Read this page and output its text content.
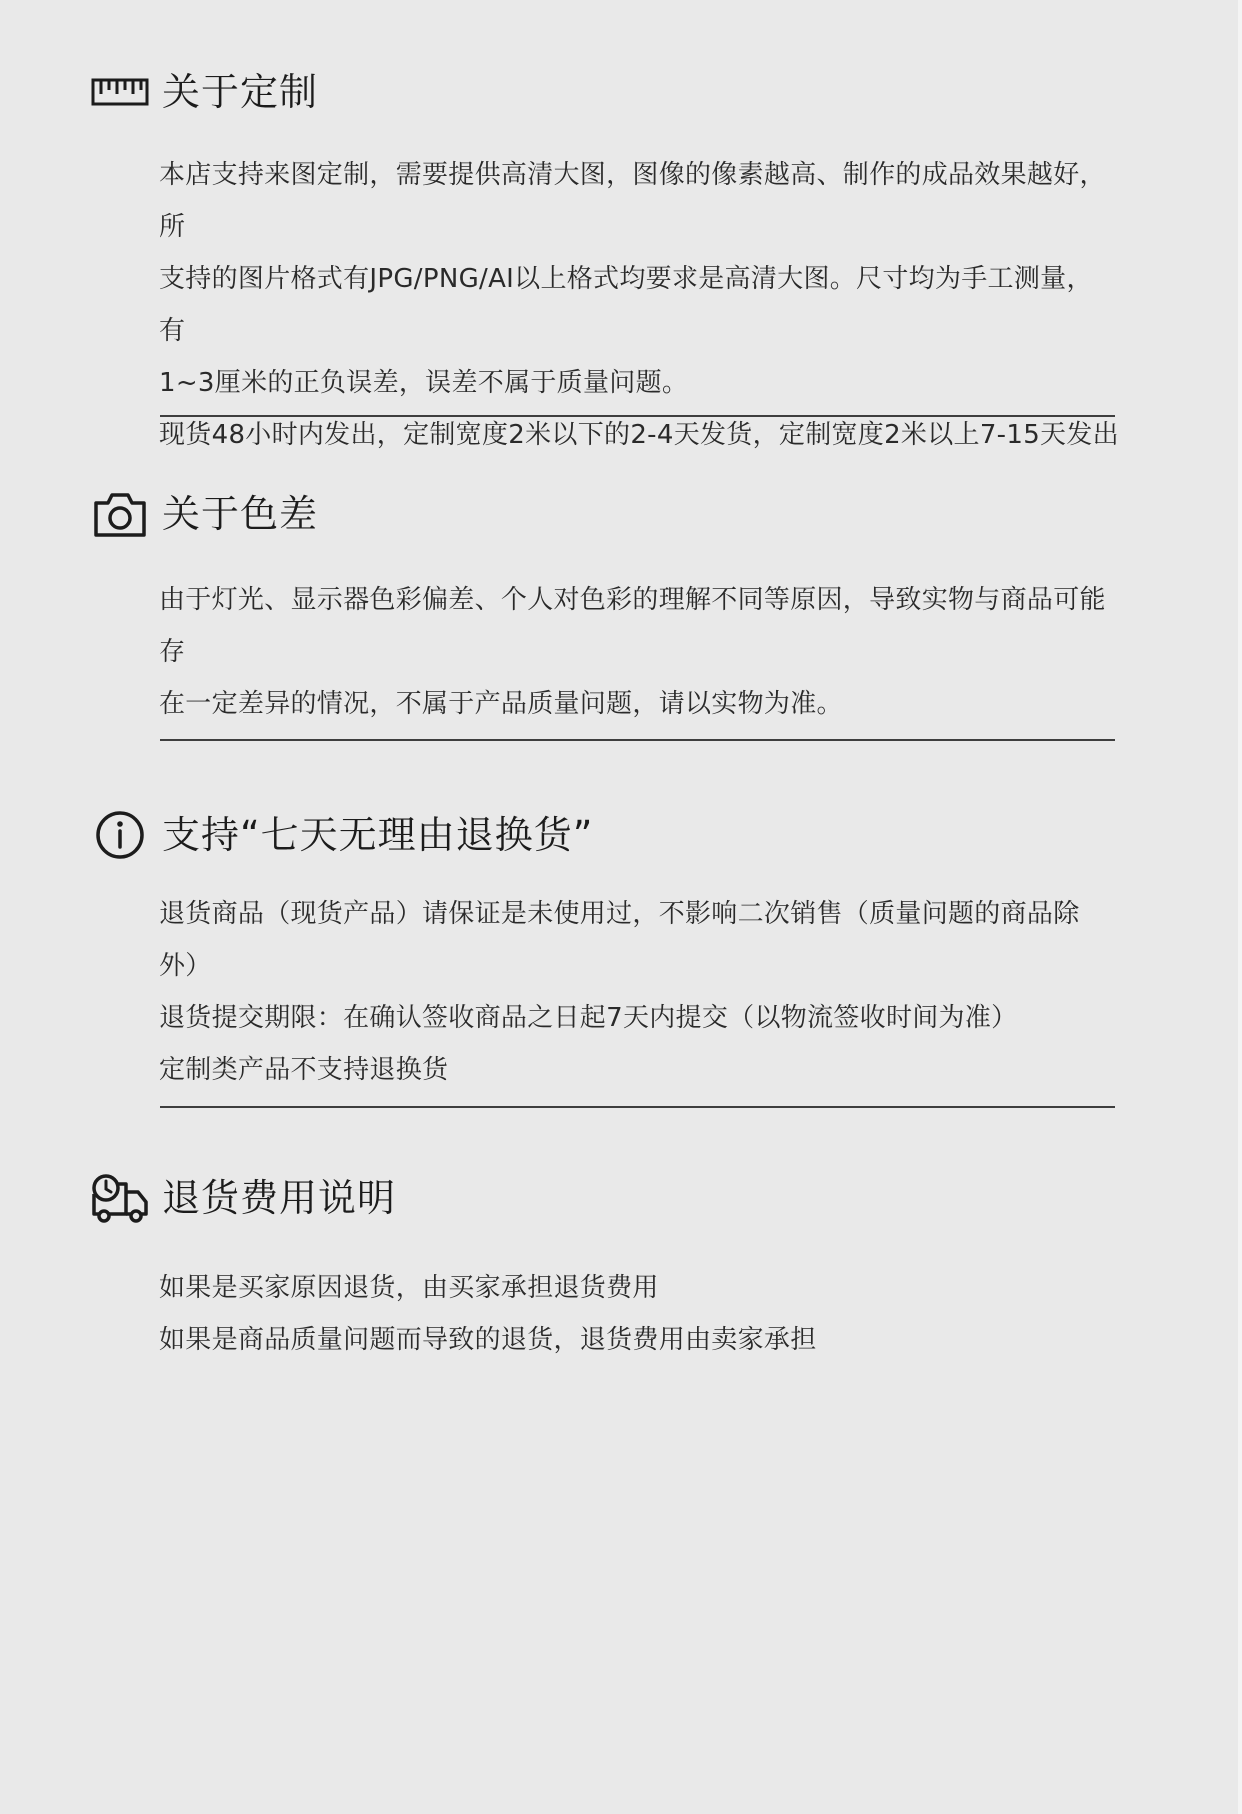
关于定制

本店支持来图定制，需要提供高清大图，图像的像素越高、制作的成品效果越好，所

支持的图片格式有JPG/PNG/AI以上格式均要求是高清大图。尺寸均为手工测量，有

1~3厘米的正负误差，误差不属于质量问题。

现货48小时内发出，定制宽度2米以下的2-4天发货，定制宽度2米以上7-15天发出

关于色差

由于灯光、显示器色彩偏差、个人对色彩的理解不同等原因，导致实物与商品可能存

在一定差异的情况，不属于产品质量问题，请以实物为准。

支持“七天无理由退换货”

退货商品（现货产品）请保证是未使用过，不影响二次销售（质量问题的商品除外）

退货提交期限：在确认签收商品之日起7天内提交（以物流签收时间为准）

定制类产品不支持退换货

退货费用说明

如果是买家原因退货，由买家承担退货费用

如果是商品质量问题而导致的退货，退货费用由卖家承担
